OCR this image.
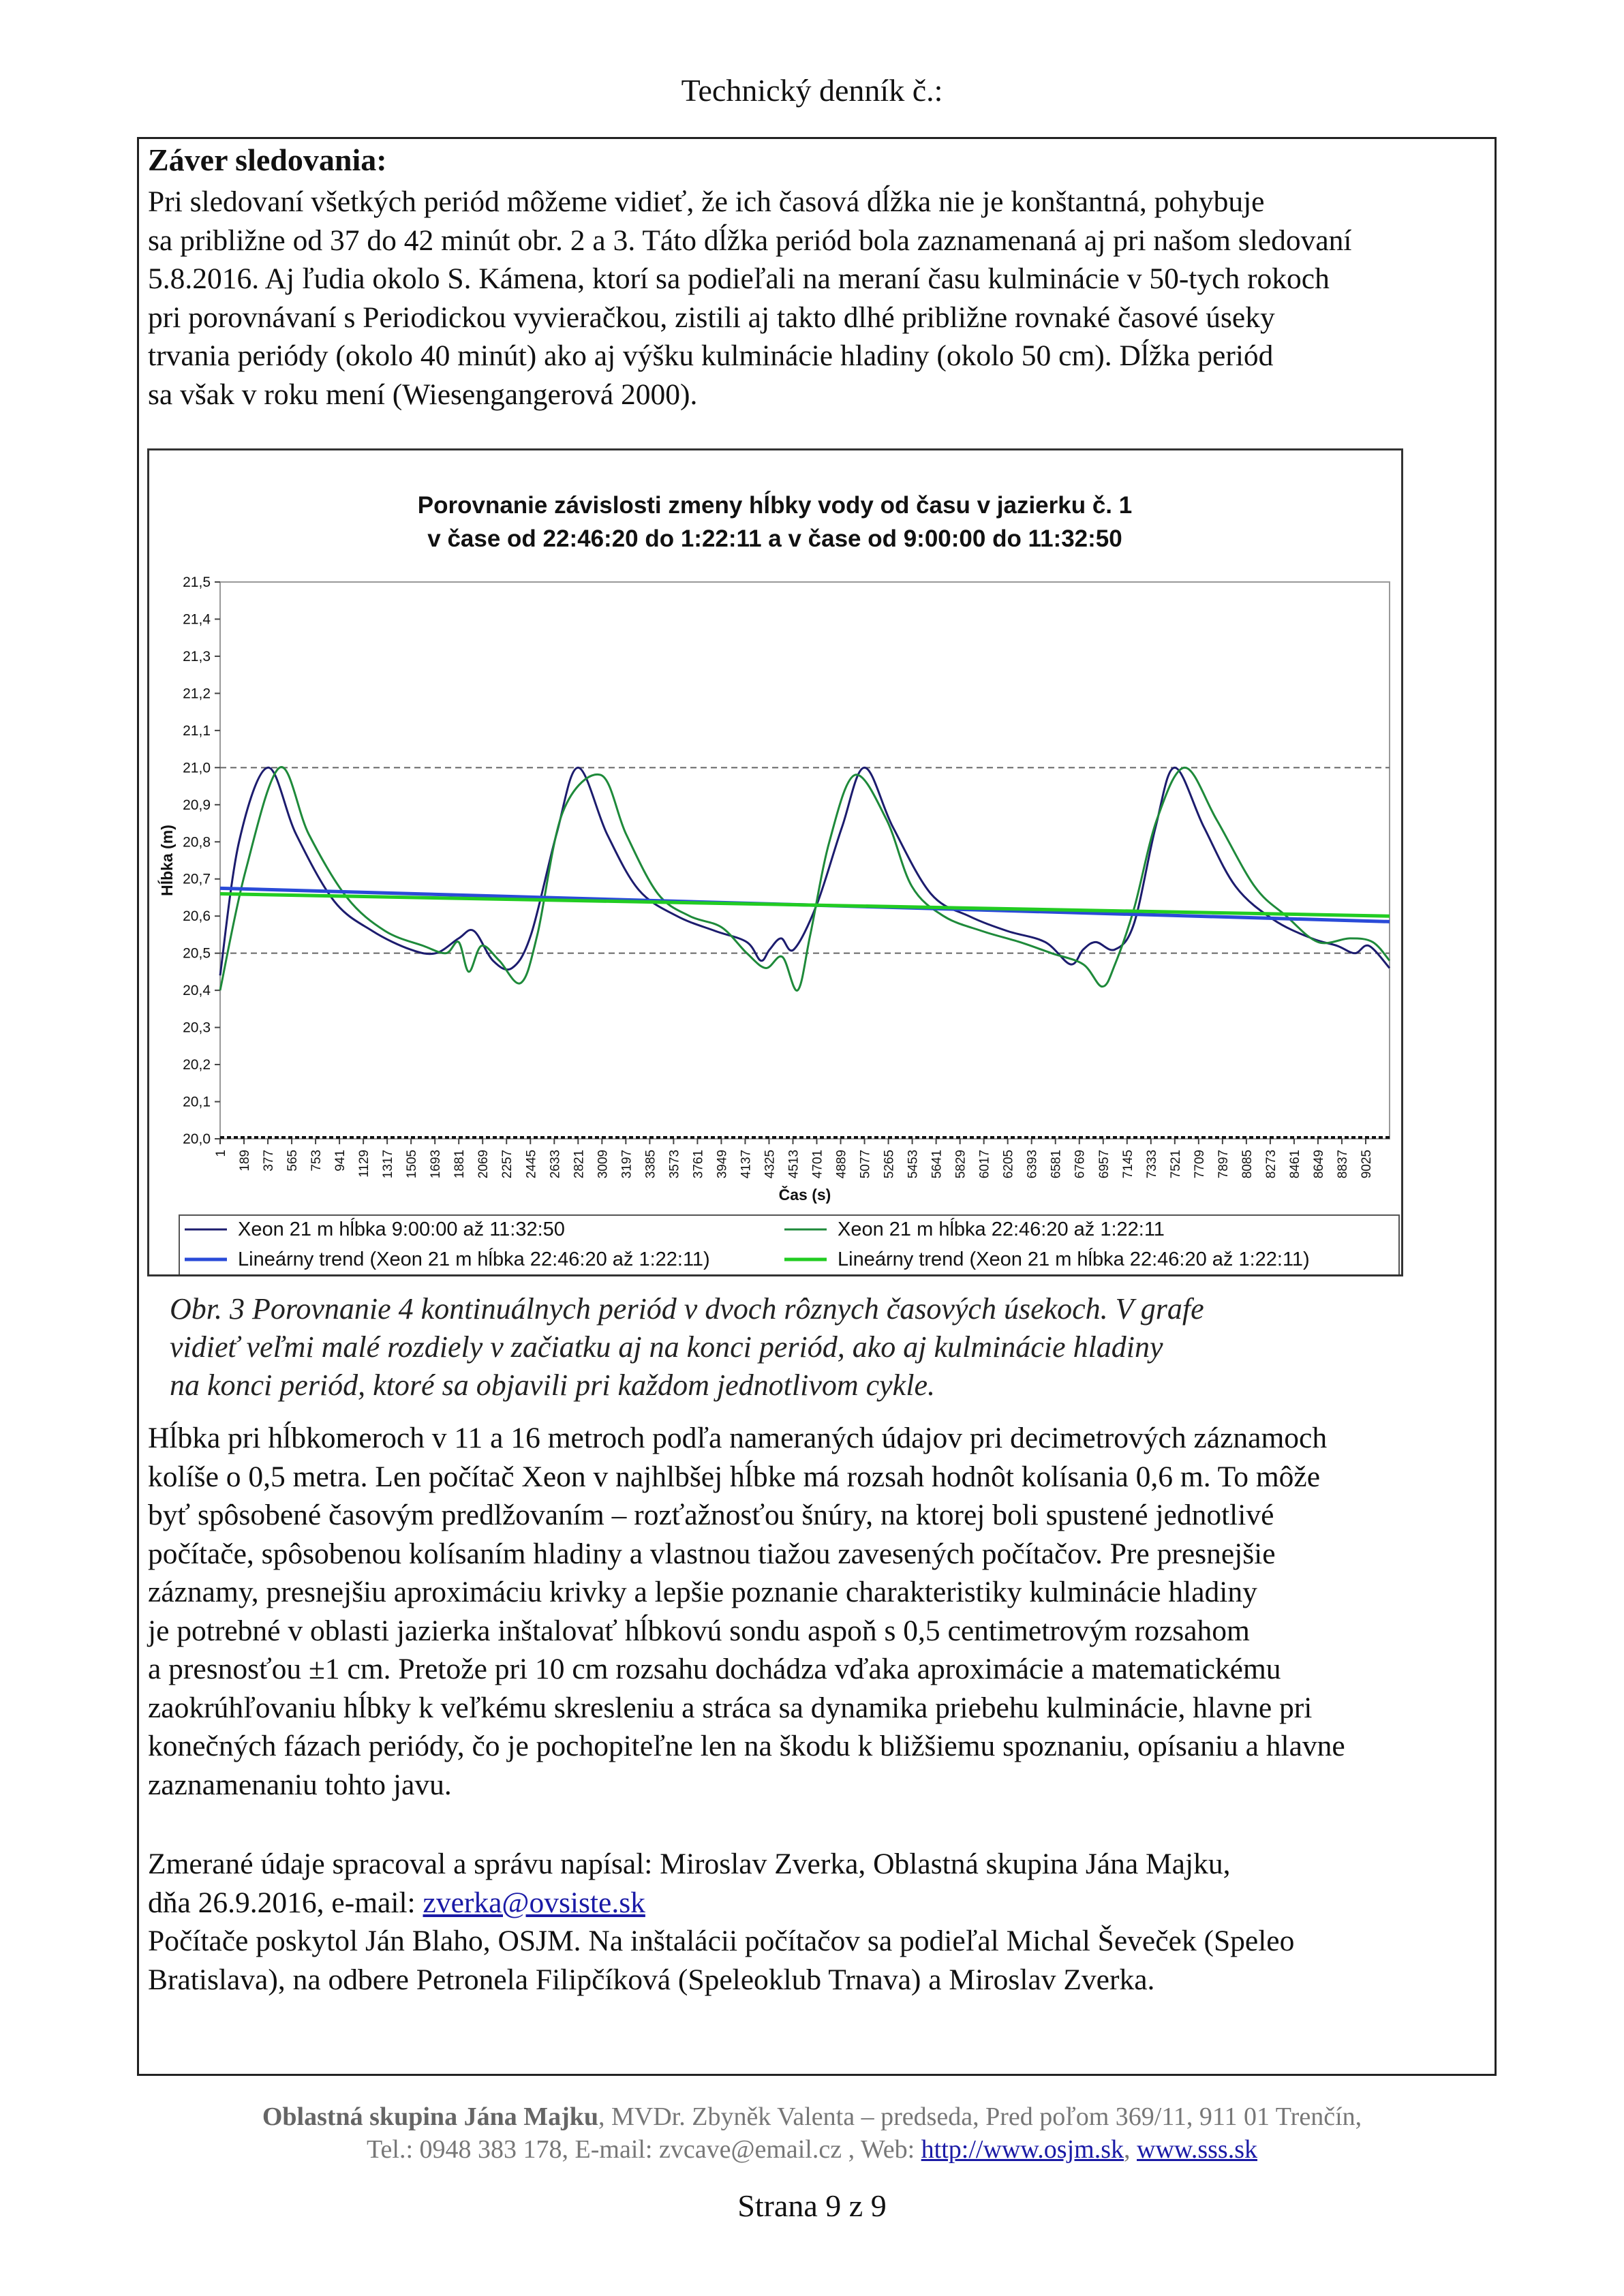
Technický denník č.:
Záver sledovania:
Pri sledovaní všetkých periód môžeme vidieť, že ich časová dĺžka nie je konštantná, pohybuje
sa približne od 37 do 42 minút obr. 2 a 3. Táto dĺžka periód bola zaznamenaná aj pri našom sledovaní
5.8.2016. Aj ľudia okolo S. Kámena, ktorí sa podieľali na meraní času kulminácie v 50-tych rokoch
pri porovnávaní s Periodickou vyvieračkou, zistili aj takto dlhé približne rovnaké časové úseky
trvania periódy (okolo 40 minút) ako aj výšku kulminácie hladiny (okolo 50 cm). Dĺžka periód
sa však v roku mení (Wiesengangerová 2000).
Porovnanie závislosti zmeny hĺbky vody od času v jazierku č. 1
v čase od 22:46:20 do 1:22:11 a v čase od 9:00:00 do 11:32:50
20,0
20,1
20,2
20,3
20,4
20,5
20,6
20,7
20,8
20,9
21,0
21,1
21,2
21,3
21,4
21,5
Hĺbka (m)
1 189 377 565 753 941 1129 1317 1505 1693 1881 2069 2257 2445 2633 2821 3009 3197 3385 3573 3761 3949 4137 4325 4513 4701 4889 5077 5265 5453 5641 5829 6017 6205 6393 6581 6769 6957 7145 7333 7521 7709 7897 8085 8273 8461 8649 8837 9025
Čas (s)
Xeon 21 m hĺbka 9:00:00 až 11:32:50	Xeon 21 m hĺbka 22:46:20 až 1:22:11
Lineárny trend (Xeon 21 m hĺbka 22:46:20 až 1:22:11)	Lineárny trend (Xeon 21 m hĺbka 22:46:20 až 1:22:11)
Obr. 3 Porovnanie 4 kontinuálnych periód v dvoch rôznych časových úsekoch. V grafe
vidieť veľmi malé rozdiely v začiatku aj na konci periód, ako aj kulminácie hladiny
na konci periód, ktoré sa objavili pri každom jednotlivom cykle.
Hĺbka pri hĺbkomeroch v 11 a 16 metroch podľa nameraných údajov pri decimetrových záznamoch
kolíše o 0,5 metra. Len počítač Xeon v najhlbšej hĺbke má rozsah hodnôt kolísania 0,6 m. To môže
byť spôsobené časovým predlžovaním – rozťažnosťou šnúry, na ktorej boli spustené jednotlivé
počítače, spôsobenou kolísaním hladiny a vlastnou tiažou zavesených počítačov. Pre presnejšie
záznamy, presnejšiu aproximáciu krivky a lepšie poznanie charakteristiky kulminácie hladiny
je potrebné v oblasti jazierka inštalovať hĺbkovú sondu aspoň s 0,5 centimetrovým rozsahom
a presnosťou ±1 cm. Pretože pri 10 cm rozsahu dochádza vďaka aproximácie a matematickému
zaokrúhľovaniu hĺbky k veľkému skresleniu a stráca sa dynamika priebehu kulminácie, hlavne pri
konečných fázach periódy, čo je pochopiteľne len na škodu k bližšiemu spoznaniu, opísaniu a hlavne
zaznamenaniu tohto javu.
Zmerané údaje spracoval a správu napísal: Miroslav Zverka, Oblastná skupina Jána Majku,
dňa 26.9.2016, e-mail: zverka@ovsiste.sk
Počítače poskytol Ján Blaho, OSJM. Na inštalácii počítačov sa podieľal Michal Ševeček (Speleo
Bratislava), na odbere Petronela Filipčíková (Speleoklub Trnava) a Miroslav Zverka.
Oblastná skupina Jána Majku, MVDr. Zbyněk Valenta – predseda, Pred poľom 369/11, 911 01 Trenčín,
Tel.: 0948 383 178, E-mail: zvcave@email.cz , Web: http://www.osjm.sk, www.sss.sk
Strana 9 z 9
